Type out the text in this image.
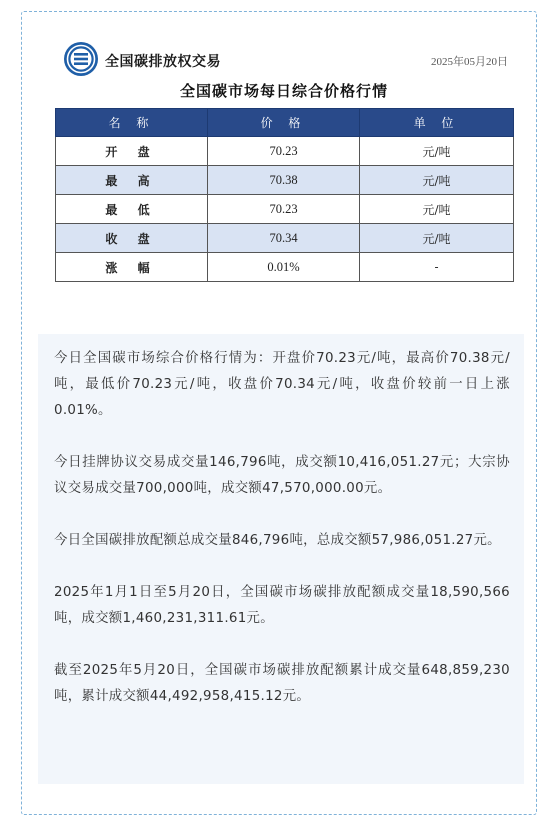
全国碳排放权交易	2025年05月20日
全国碳市场每日综合价格行情
名 称	价 格	单 位
开 盘	70.23	元/吨
最 高	70.38	元/吨
最 低	70.23	元/吨
收 盘	70.34	元/吨
涨 幅	0.01%	-

今日全国碳市场综合价格行情为：开盘价70.23元/吨，最高价70.38元/吨，最低价70.23元/吨，收盘价70.34元/吨，收盘价较前一日上涨0.01%。

今日挂牌协议交易成交量146,796吨，成交额10,416,051.27元；大宗协议交易成交量700,000吨，成交额47,570,000.00元。

今日全国碳排放配额总成交量846,796吨，总成交额57,986,051.27元。

2025年1月1日至5月20日，全国碳市场碳排放配额成交量18,590,566吨，成交额1,460,231,311.61元。

截至2025年5月20日，全国碳市场碳排放配额累计成交量648,859,230吨，累计成交额44,492,958,415.12元。
